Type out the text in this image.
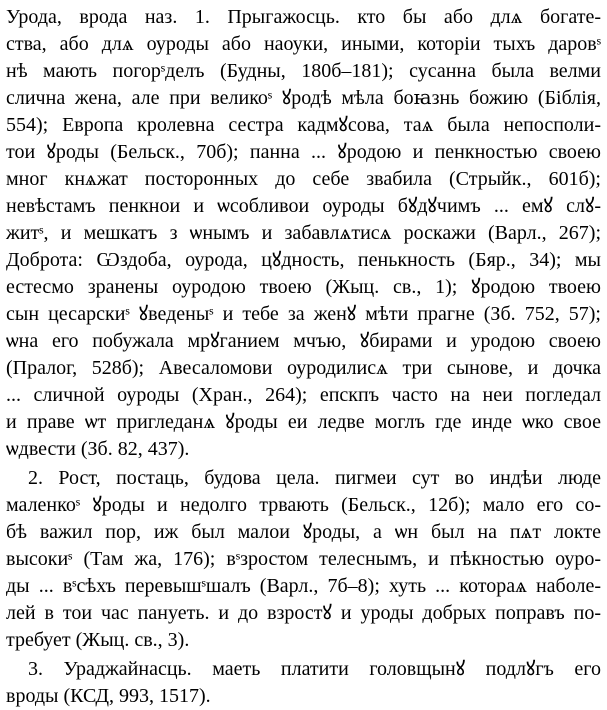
Урода, врода наз. 1. Прыгажосць. кто бы або длѧ богате-
ства, або длѧ оуроды або наоуки, иными, которіи тыхъ даровˢ
нѣ мають погорˢделъ (Будны, 180б–181); сусанна была велми
слична жена, але при великоˢ ꙋродѣ мѣла боꙗзнь божию (Біблія,
554); Европа кролевна сестра кадмꙋсова, таѧ была непосполи-
тои ꙋроды (Бельск., 70б); панна ... ꙋродою и пенкностью своею
мног кнѧжат посторонных до себе звабила (Стрыйк., 601б);
невѣстамъ пенкнои и ѡсобливои оуроды бꙋдꙋчимъ ... емꙋ слꙋ-
житˢ, и мешкатъ з ѡнымъ и забавлѧтисѧ роскажи (Варл., 267);
Доброта: Ѡздоба, оурода, цꙋдность, пенькность (Бяр., 34); мы
естесмо зранены оуродою твоею (Жыц. св., 1); ꙋродою твоею
сын цесарскиˢ ꙋведеныˢ и тебе за женꙋ мѣти прагне (Зб. 752, 57);
ѡна его побужала мрꙋганием мчъю, ꙋбирами и уродою своею
(Пралог, 528б); Авесаломови оуродилисѧ три сынове, и дочка
... сличной оуроды (Хран., 264); епскпъ часто на неи погледал
и праве ѡт пригледанѧ ꙋроды еи ледве моглъ где инде ѡко свое
ѡдвести (Зб. 82, 437).
2. Рост, постаць, будова цела. пигмеи сут во индѣи люде
маленкоˢ ꙋроды и недолго трвають (Бельск., 12б); мало его со-
бѣ важил пор, иж был малои ꙋроды, а ѡн был на пѧт локте
высокиˢ (Там жа, 176); вˢзростом телеснымъ, и пѣкностью оуро-
ды ... вˢсѣхъ перевышˢшалъ (Варл., 7б–8); хуть ... котораѧ наболе-
лей в тои час пануеть. и до взростꙋ и уроды добрых поправъ по-
требует (Жыц. св., 3).
3. Ураджайнасць. маеть платити головщынꙋ подлꙋгъ его
вроды (КСД, 993, 1517).
